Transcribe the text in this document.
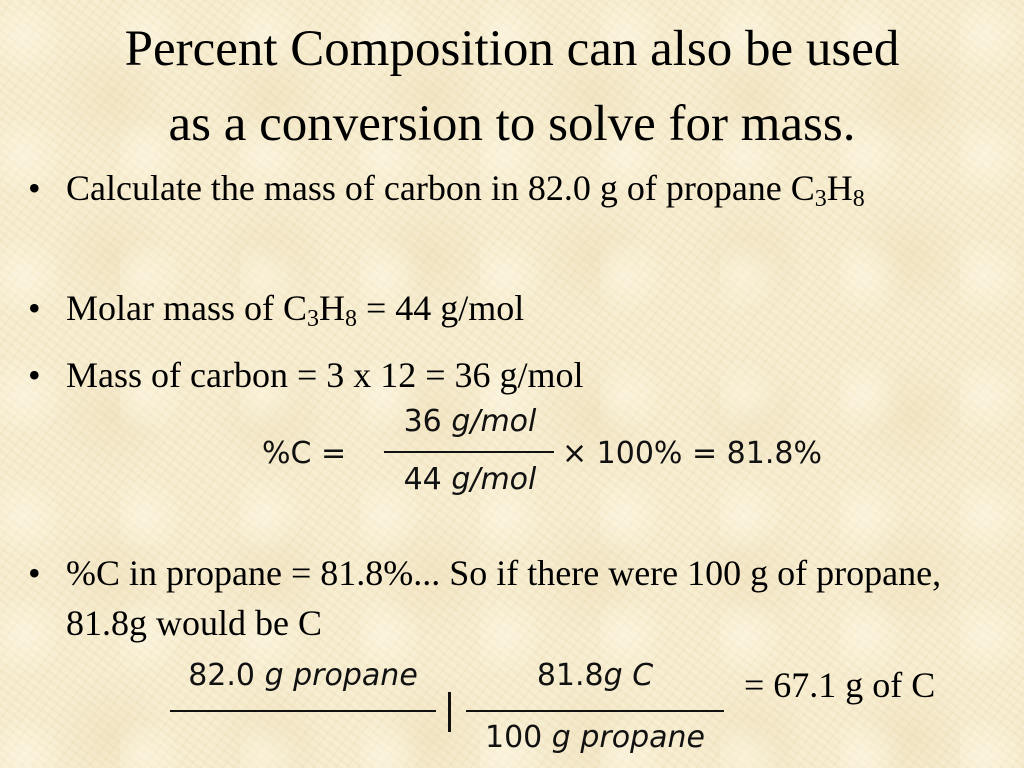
Percent Composition can also be used
as a conversion to solve for mass.
• Calculate the mass of carbon in 82.0 g of propane $C_3H_8$
• Molar mass of $C_3H_8 = 44$ g/mol
• Mass of carbon = 3 x 12 = 36 g/mol
%C =
36 g/mol
44 g/mol
× 100% = 81.8%
• %C in propane = 81.8%... So if there were 100 g of propane, 81.8g would be C
82.0 g propane	81.8g C
100 g propane
= 67.1 g of C
